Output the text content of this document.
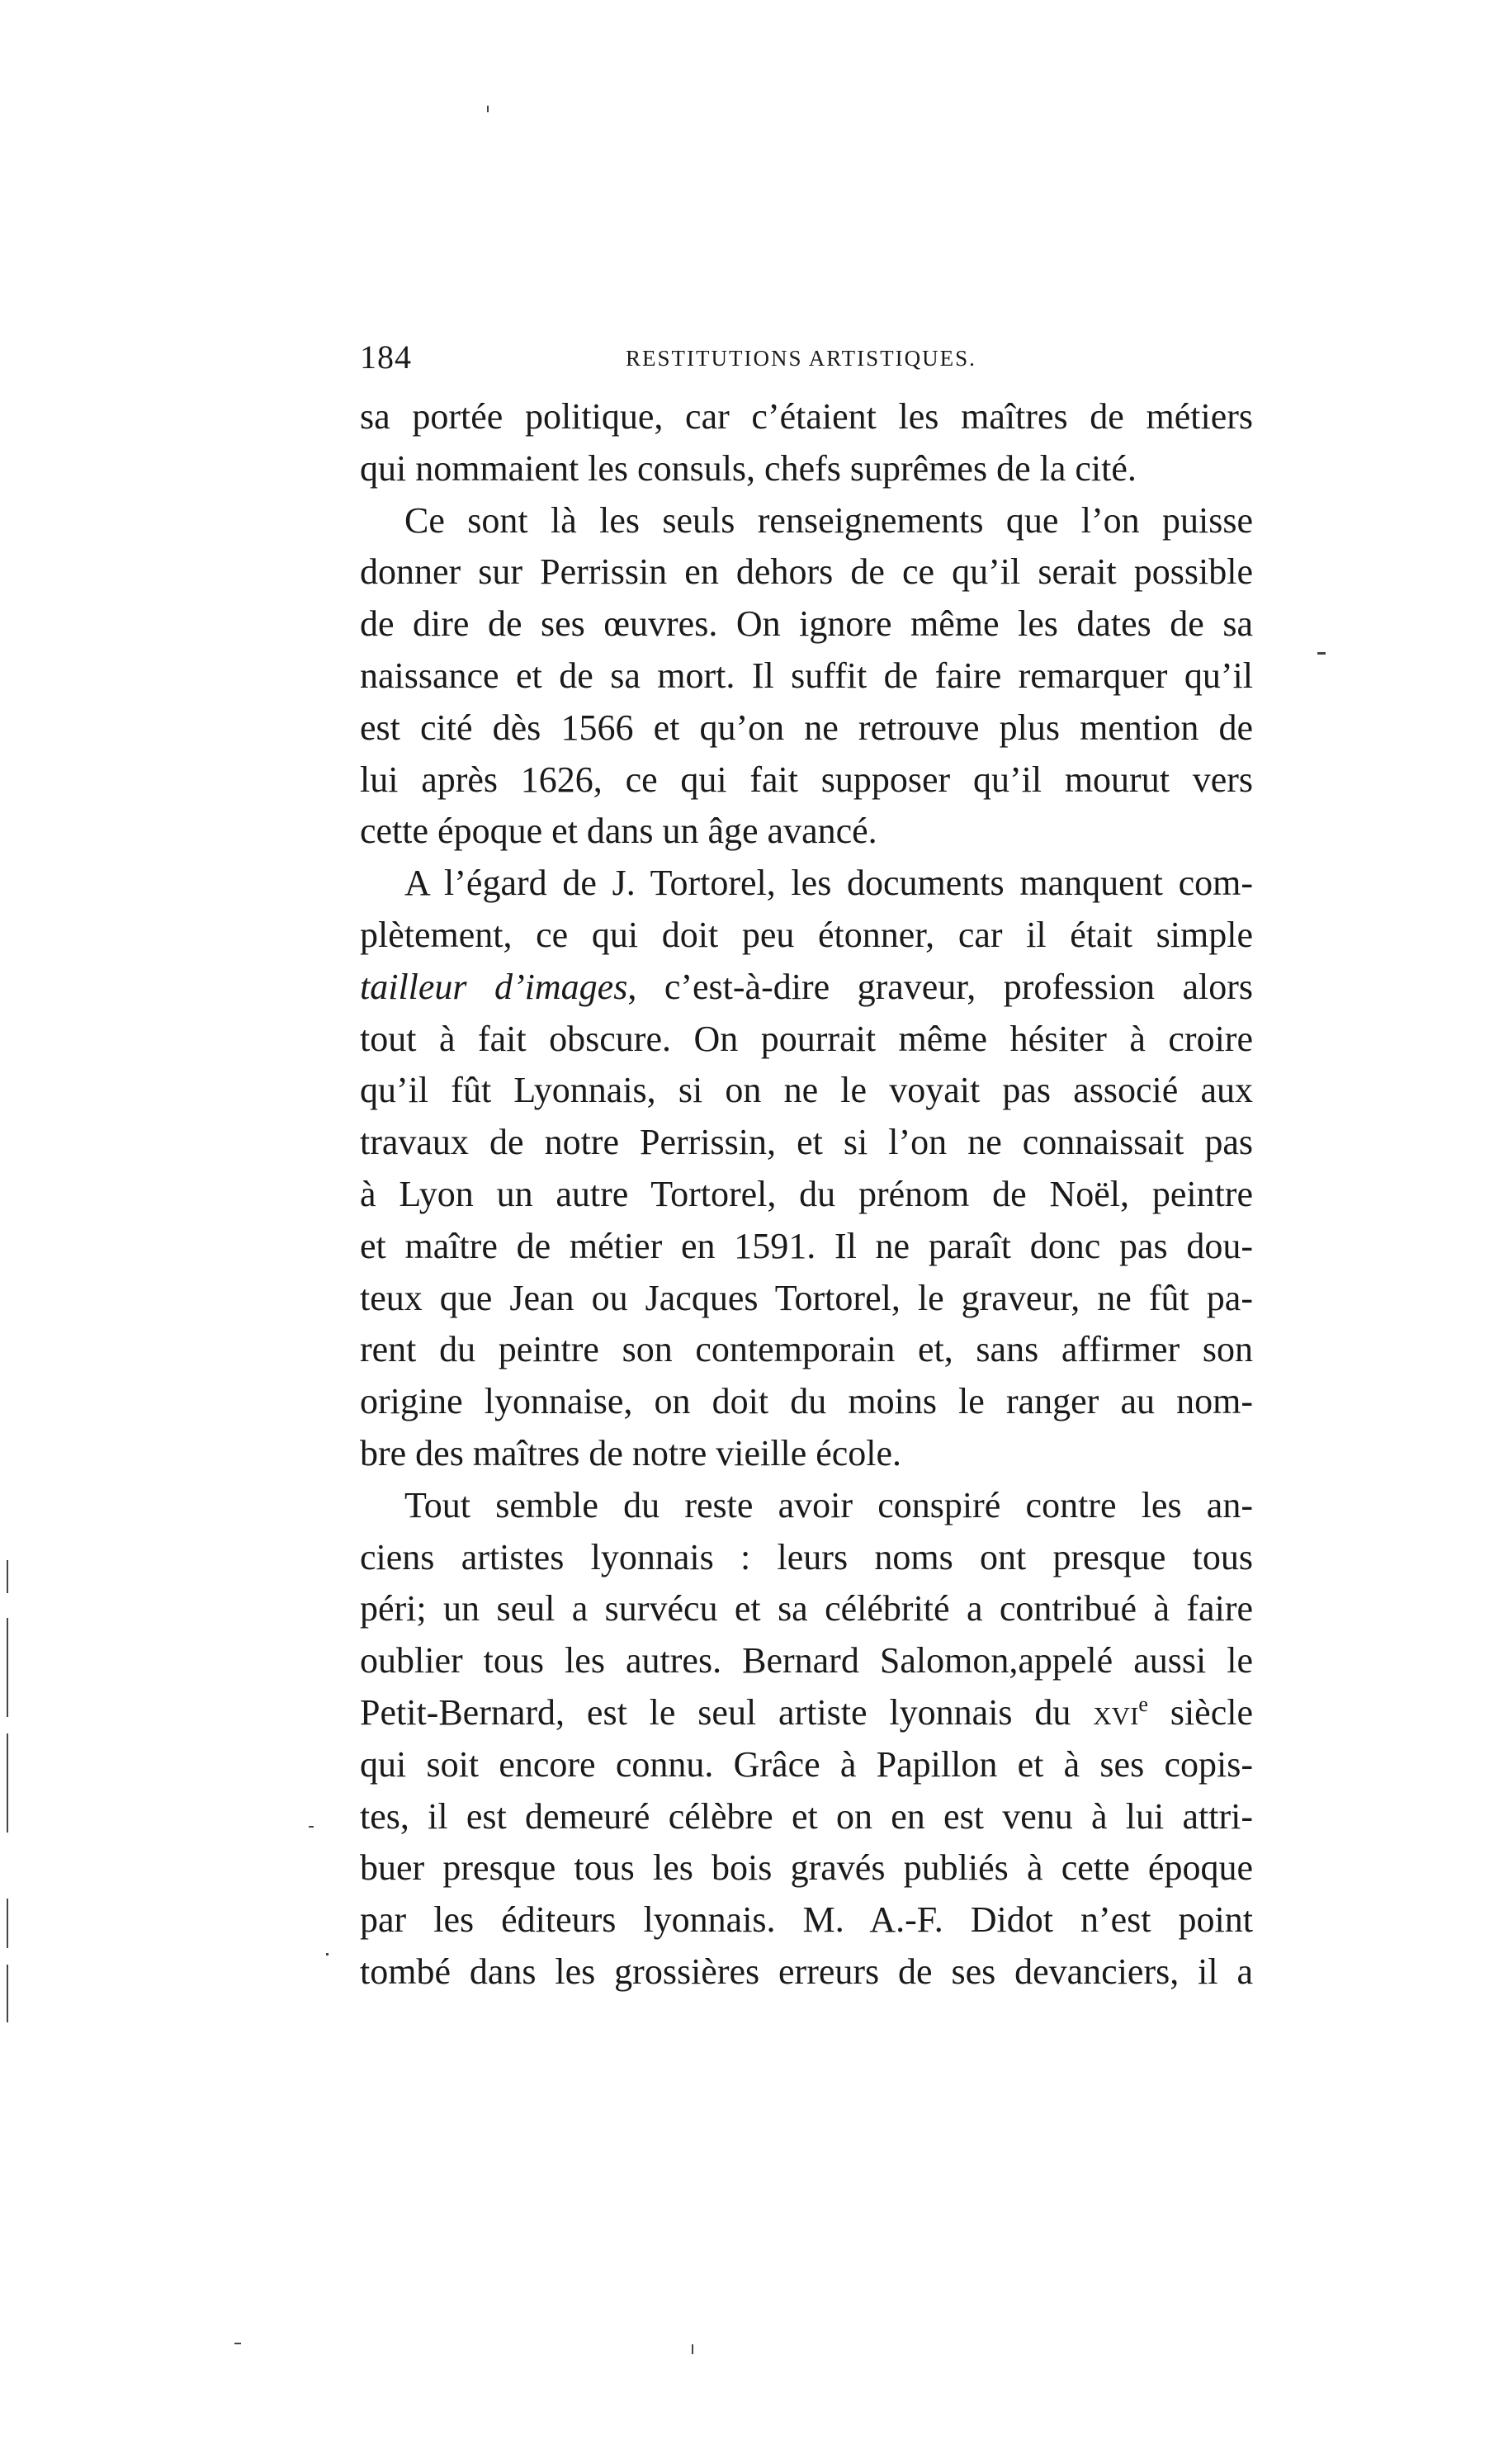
184	RESTITUTIONS ARTISTIQUES.
sa portée politique, car c’étaient les maîtres de métiers
qui nommaient les consuls, chefs suprêmes de la cité.
Ce sont là les seuls renseignements que l’on puisse
donner sur Perrissin en dehors de ce qu’il serait possible
de dire de ses œuvres. On ignore même les dates de sa
naissance et de sa mort. Il suffit de faire remarquer qu’il
est cité dès 1566 et qu’on ne retrouve plus mention de
lui après 1626, ce qui fait supposer qu’il mourut vers
cette époque et dans un âge avancé.
A l’égard de J. Tortorel, les documents manquent com-
plètement, ce qui doit peu étonner, car il était simple
tailleur d’images, c’est-à-dire graveur, profession alors
tout à fait obscure. On pourrait même hésiter à croire
qu’il fût Lyonnais, si on ne le voyait pas associé aux
travaux de notre Perrissin, et si l’on ne connaissait pas
à Lyon un autre Tortorel, du prénom de Noël, peintre
et maître de métier en 1591. Il ne paraît donc pas dou-
teux que Jean ou Jacques Tortorel, le graveur, ne fût pa-
rent du peintre son contemporain et, sans affirmer son
origine lyonnaise, on doit du moins le ranger au nom-
bre des maîtres de notre vieille école.
Tout semble du reste avoir conspiré contre les an-
ciens artistes lyonnais : leurs noms ont presque tous
péri; un seul a survécu et sa célébrité a contribué à faire
oublier tous les autres. Bernard Salomon,appelé aussi le
Petit-Bernard, est le seul artiste lyonnais du xvi$^e$ siècle
qui soit encore connu. Grâce à Papillon et à ses copis-
tes, il est demeuré célèbre et on en est venu à lui attri-
buer presque tous les bois gravés publiés à cette époque
par les éditeurs lyonnais. M. A.-F. Didot n’est point
tombé dans les grossières erreurs de ses devanciers, il a
